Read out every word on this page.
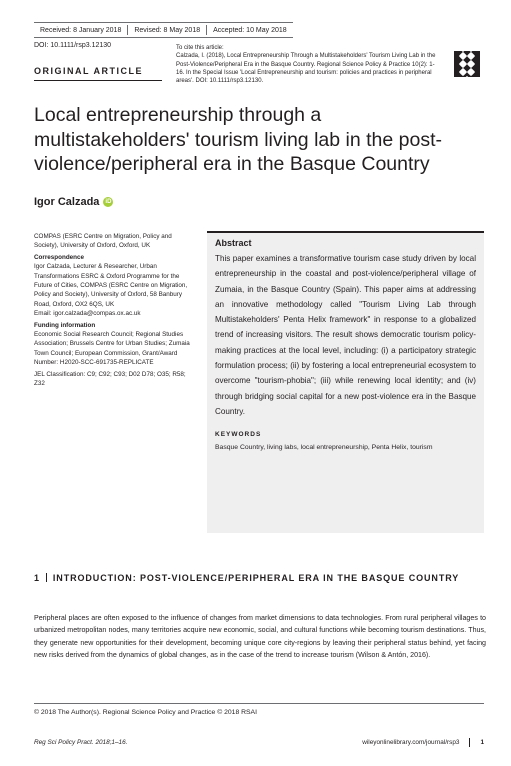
Received: 8 January 2018	Revised: 8 May 2018	Accepted: 10 May 2018
DOI: 10.1111/rsp3.12130	To cite this article:
Calzada, I. (2018), Local Entrepreneurship Through a Multistakeholders' Tourism Living Lab in the Post-Violence/Peripheral Era in the Basque Country. Regional Science Policy & Practice 10(2): 1-16. In the Special Issue 'Local Entrepreneurship and tourism: policies and practices in peripheral areas'. DOI: 10.1111/rsp3.12130.
ORIGINAL ARTICLE
Local entrepreneurship through a multistakeholders' tourism living lab in the post-violence/peripheral era in the Basque Country
Igor Calzada	iD
COMPAS (ESRC Centre on Migration, Policy and Society), University of Oxford, Oxford, UK
Correspondence
Igor Calzada, Lecturer & Researcher, Urban Transformations ESRC & Oxford Programme for the Future of Cities, COMPAS (ESRC Centre on Migration, Policy and Society), University of Oxford, 58 Banbury Road, Oxford, OX2 6QS, UK
Email: igor.calzada@compas.ox.ac.uk
Funding information
Economic Social Research Council; Regional Studies Association; Brussels Centre for Urban Studies; Zumaia Town Council; European Commission, Grant/Award Number: H2020-SCC-691735-REPLICATE
JEL Classification: C9; C92; C93; D02 D78; O35; R58; Z32
Abstract
This paper examines a transformative tourism case study driven by local entrepreneurship in the coastal and post-violence/peripheral village of Zumaia, in the Basque Country (Spain). This paper aims at addressing an innovative methodology called "Tourism Living Lab through Multistakeholders' Penta Helix framework" in response to a globalized trend of increasing visitors. The result shows democratic tourism policy-making practices at the local level, including: (i) a participatory strategic formulation process; (ii) by fostering a local entrepreneurial ecosystem to overcome "tourism-phobia"; (iii) while renewing local identity; and (iv) through bridging social capital for a new post-violence era in the Basque Country.
KEYWORDS
Basque Country, living labs, local entrepreneurship, Penta Helix, tourism
1 INTRODUCTION: POST-VIOLENCE/PERIPHERAL ERA IN THE BASQUE COUNTRY

Peripheral places are often exposed to the influence of changes from market dimensions to data technologies. From rural peripheral villages to urbanized metropolitan nodes, many territories acquire new economic, social, and cultural functions while becoming tourism destinations. Thus, they generate new opportunities for their development, becoming unique core city-regions by leaving their peripheral status behind, yet facing new risks derived from the dynamics of global changes, as in the case of the trend to increase tourism (Wilson & Antón, 2016).

© 2018 The Author(s). Regional Science Policy and Practice © 2018 RSAI
Reg Sci Policy Pract. 2018;1–16.	wileyonlinelibrary.com/journal/rsp3	1
